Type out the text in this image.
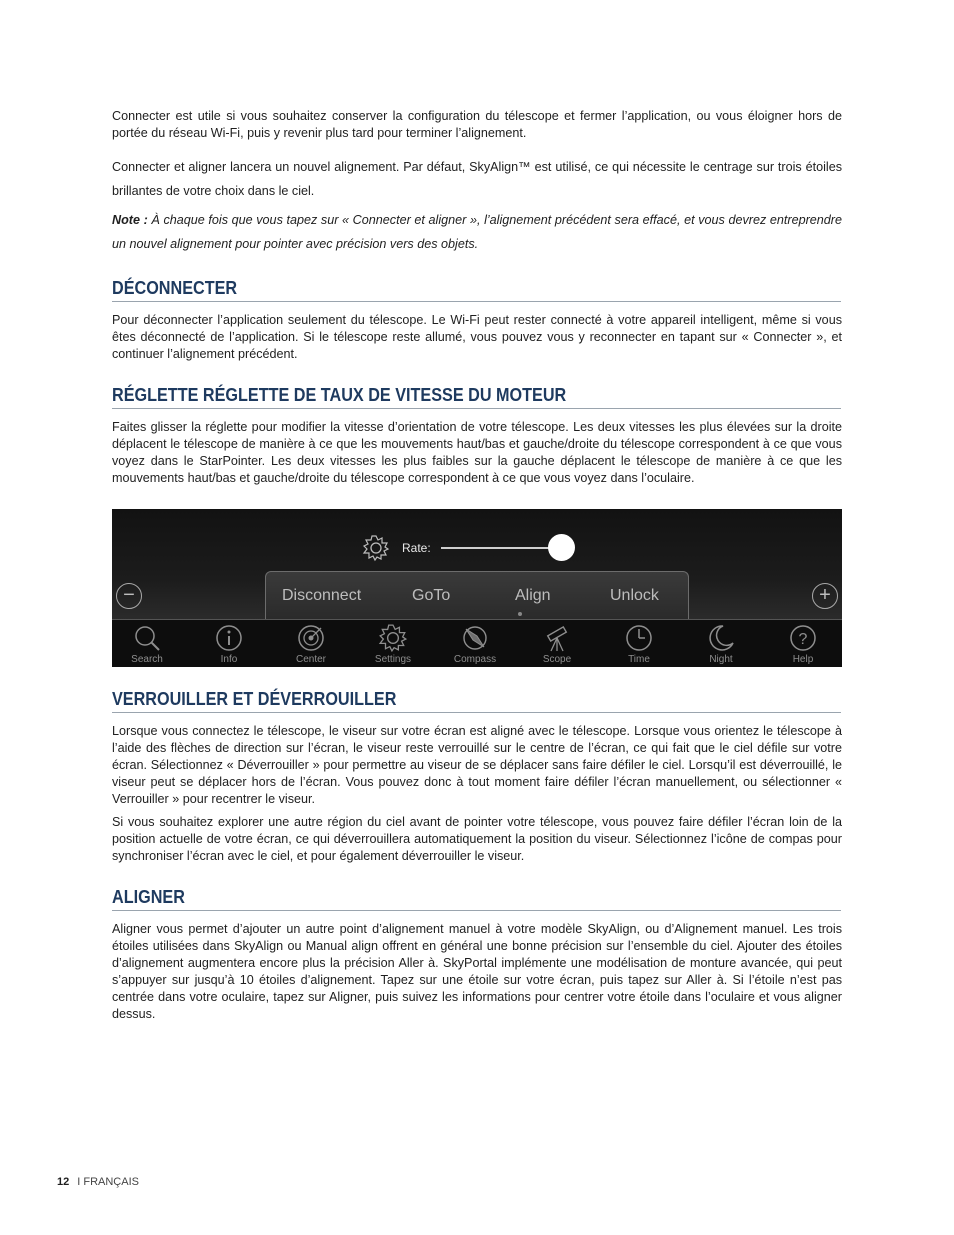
Connecter est utile si vous souhaitez conserver la configuration du télescope et fermer l’application, ou vous éloigner hors de portée du réseau Wi-Fi, puis y revenir plus tard pour terminer l’alignement.

Connecter et aligner lancera un nouvel alignement. Par défaut, SkyAlign™ est utilisé, ce qui nécessite le centrage sur trois étoiles brillantes de votre choix dans le ciel.

Note : À chaque fois que vous tapez sur « Connecter et aligner », l’alignement précédent sera effacé, et vous devrez entreprendre un nouvel alignement pour pointer avec précision vers des objets.

DÉCONNECTER

Pour déconnecter l’application seulement du télescope. Le Wi-Fi peut rester connecté à votre appareil intelligent, même si vous êtes déconnecté de l’application. Si le télescope reste allumé, vous pouvez vous y reconnecter en tapant sur « Connecter », et continuer l’alignement précédent.

RÉGLETTE RÉGLETTE DE TAUX DE VITESSE DU MOTEUR

Faites glisser la réglette pour modifier la vitesse d’orientation de votre télescope. Les deux vitesses les plus élevées sur la droite déplacent le télescope de manière à ce que les mouvements haut/bas et gauche/droite du télescope correspondent à ce que vous voyez dans le StarPointer. Les deux vitesses les plus faibles sur la gauche déplacent le télescope de manière à ce que les mouvements haut/bas et gauche/droite du télescope correspondent à ce que vous voyez dans l’oculaire.

Rate:
−	+
Disconnect	GoTo	Align	Unlock
Search	Info	Center	Settings	Compass	Scope	Time	Night
?
Help
VERROUILLER ET DÉVERROUILLER

Lorsque vous connectez le télescope, le viseur sur votre écran est aligné avec le télescope. Lorsque vous orientez le télescope à l’aide des flèches de direction sur l’écran, le viseur reste verrouillé sur le centre de l’écran, ce qui fait que le ciel défile sur votre écran. Sélectionnez « Déverrouiller » pour permettre au viseur de se déplacer sans faire défiler le ciel. Lorsqu’il est déverrouillé, le viseur peut se déplacer hors de l’écran. Vous pouvez donc à tout moment faire défiler l’écran manuellement, ou sélectionner « Verrouiller » pour recentrer le viseur.

Si vous souhaitez explorer une autre région du ciel avant de pointer votre télescope, vous pouvez faire défiler l’écran loin de la position actuelle de votre écran, ce qui déverrouillera automatiquement la position du viseur. Sélectionnez l’icône de compas pour synchroniser l’écran avec le ciel, et pour également déverrouiller le viseur.

ALIGNER

Aligner vous permet d’ajouter un autre point d’alignement manuel à votre modèle SkyAlign, ou d’Alignement manuel. Les trois étoiles utilisées dans SkyAlign ou Manual align offrent en général une bonne précision sur l’ensemble du ciel. Ajouter des étoiles d’alignement augmentera encore plus la précision Aller à. SkyPortal implémente une modélisation de monture avancée, qui peut s’appuyer sur jusqu’à 10 étoiles d’alignement. Tapez sur une étoile sur votre écran, puis tapez sur Aller à. Si l’étoile n’est pas centrée dans votre oculaire, tapez sur Aligner, puis suivez les informations pour centrer votre étoile dans l’oculaire et vous aligner dessus.

12 I FRANÇAIS
